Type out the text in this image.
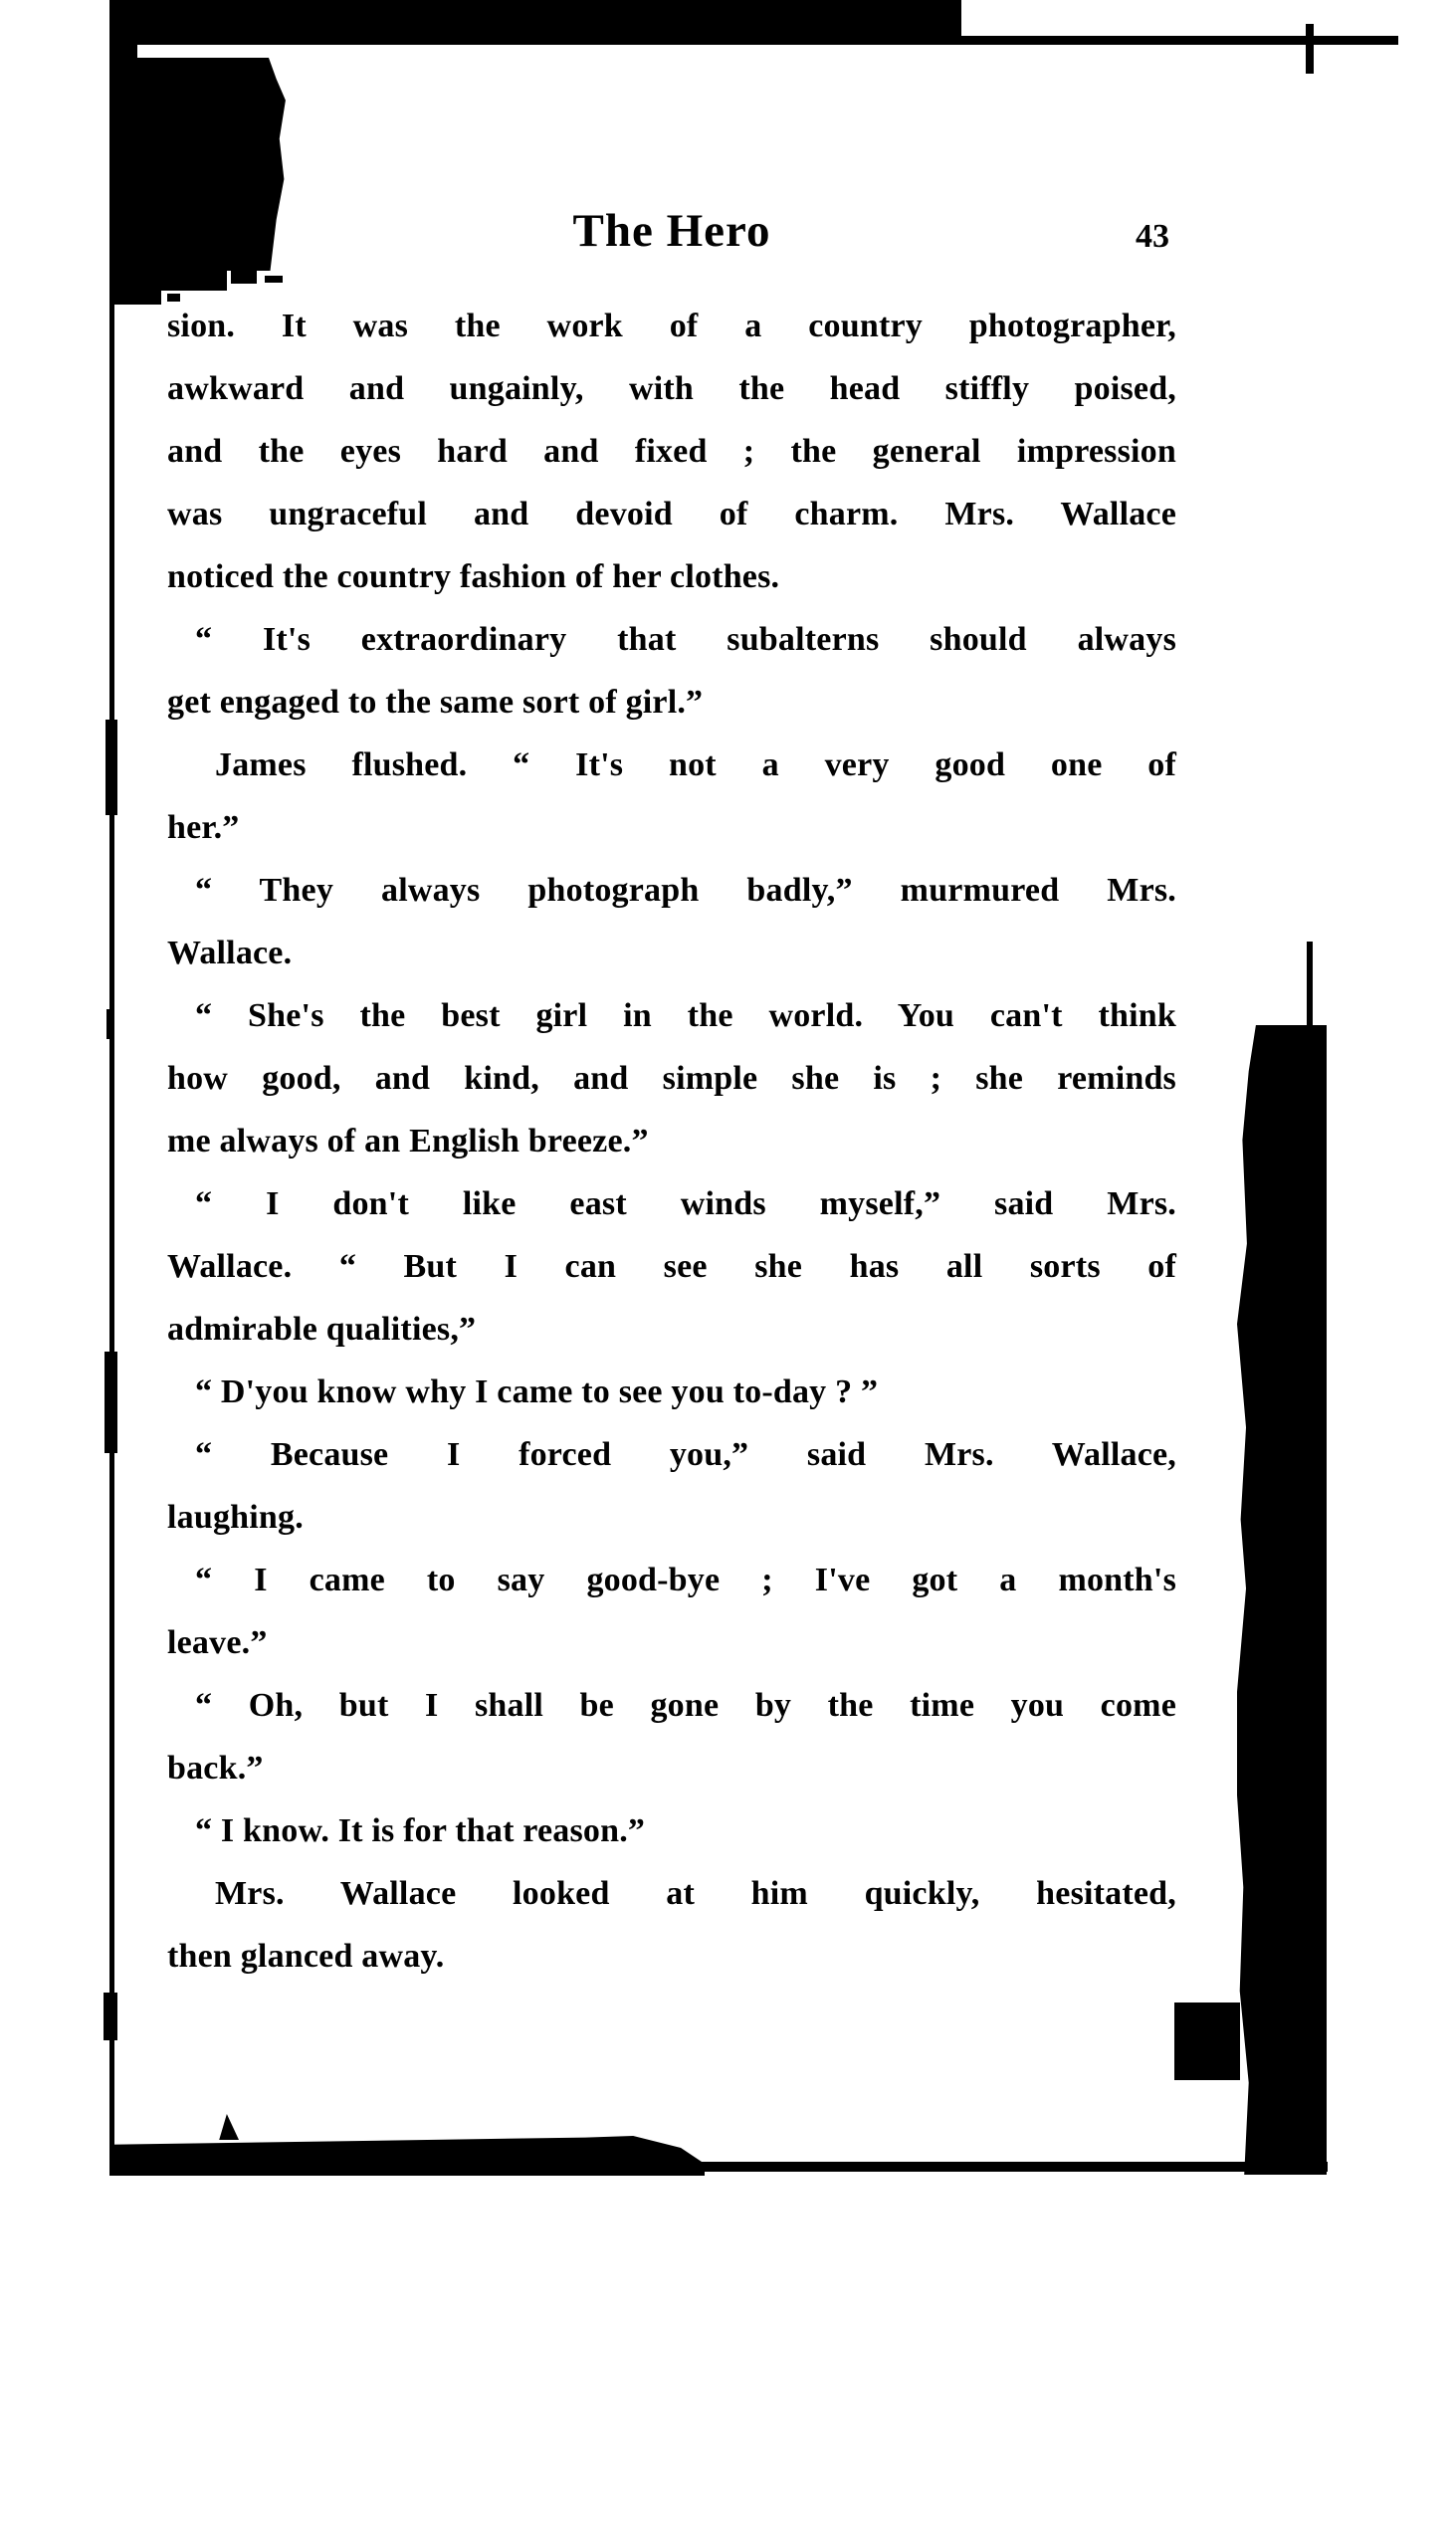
The Hero	43
sion. It was the work of a country photographer,
awkward and ungainly, with the head stiffly poised,
and the eyes hard and fixed ; the general impression
was ungraceful and devoid of charm. Mrs. Wallace
noticed the country fashion of her clothes.
“ It's extraordinary that subalterns should always
get engaged to the same sort of girl.”
James flushed. “ It's not a very good one of
her.”
“ They always photograph badly,” murmured Mrs.
Wallace.
“ She's the best girl in the world. You can't think
how good, and kind, and simple she is ; she reminds
me always of an English breeze.”
“ I don't like east winds myself,” said Mrs.
Wallace. “ But I can see she has all sorts of
admirable qualities,”
“ D'you know why I came to see you to-day ? ”
“ Because I forced you,” said Mrs. Wallace,
laughing.
“ I came to say good-bye ; I've got a month's
leave.”
“ Oh, but I shall be gone by the time you come
back.”
“ I know. It is for that reason.”
Mrs. Wallace looked at him quickly, hesitated,
then glanced away.
